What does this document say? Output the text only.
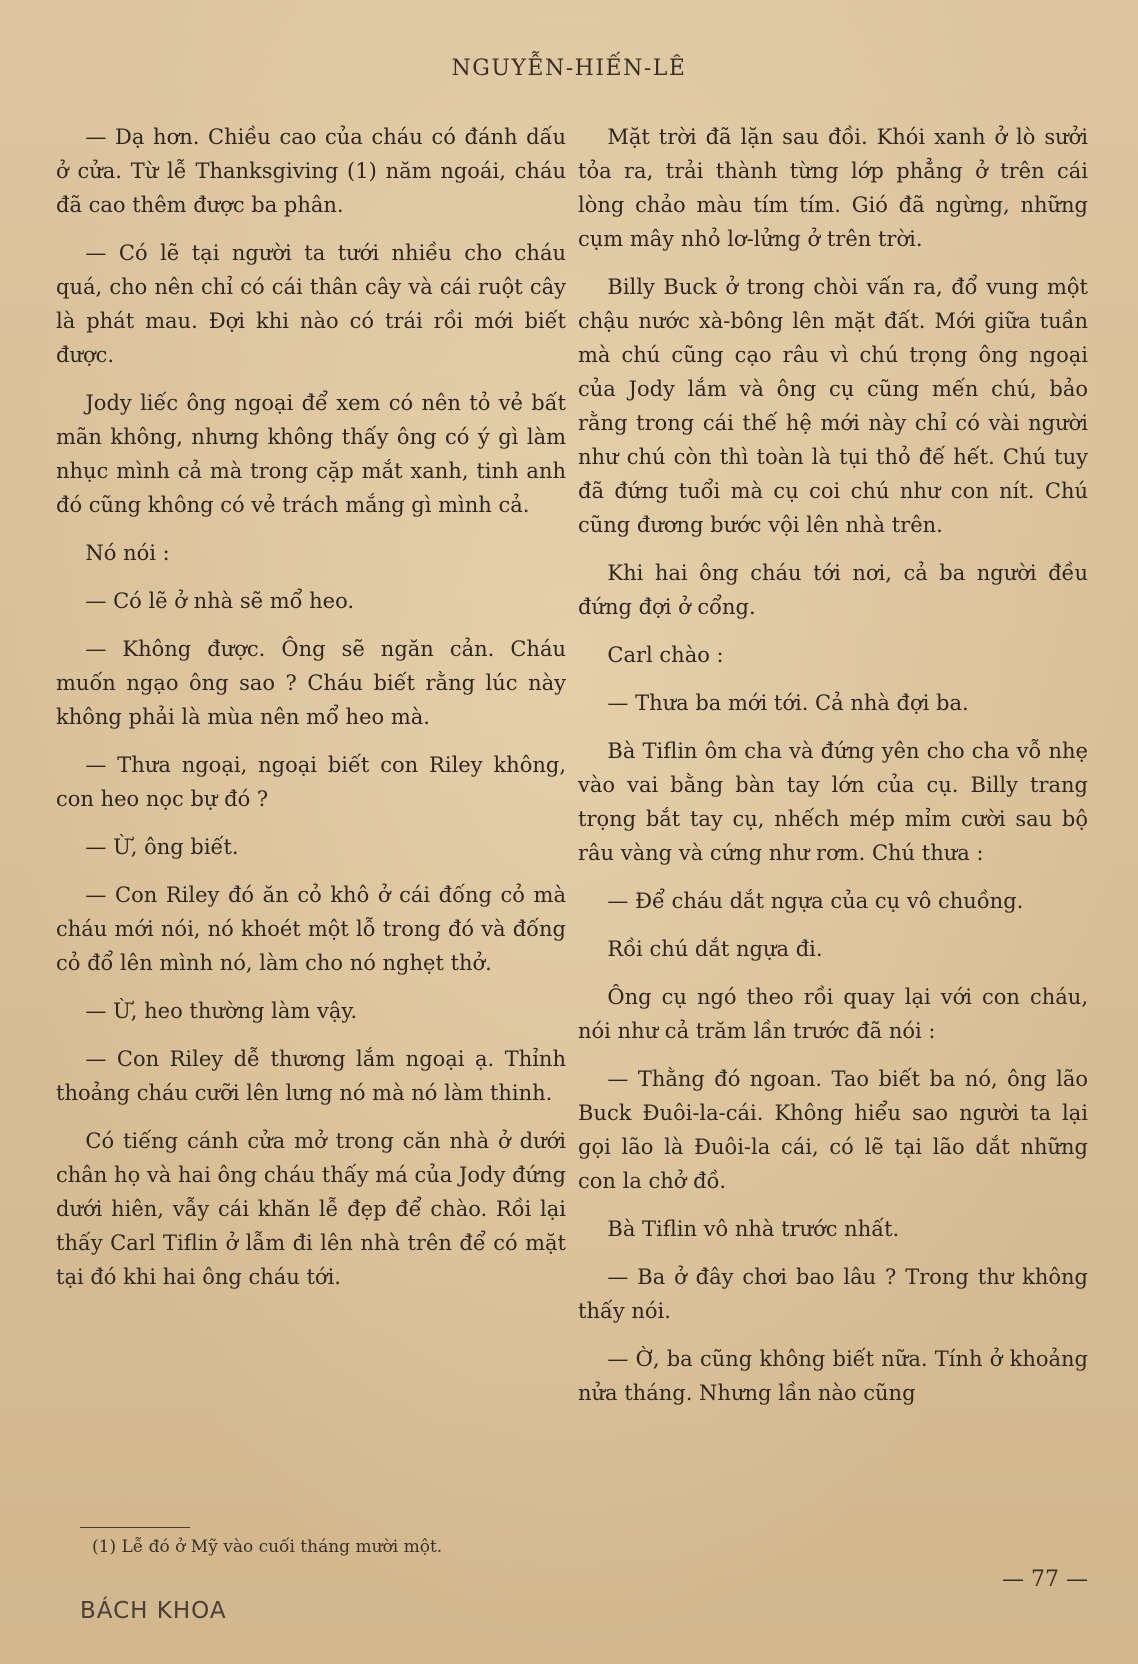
NGUYỄN-HIẾN-LÊ

— Dạ hơn. Chiều cao của cháu có đánh dấu ở cửa. Từ lễ Thanksgiving (1) năm ngoái, cháu đã cao thêm được ba phân.

— Có lẽ tại người ta tưới nhiều cho cháu quá, cho nên chỉ có cái thân cây và cái ruột cây là phát mau. Đợi khi nào có trái rồi mới biết được.

Jody liếc ông ngoại để xem có nên tỏ vẻ bất mãn không, nhưng không thấy ông có ý gì làm nhục mình cả mà trong cặp mắt xanh, tinh anh đó cũng không có vẻ trách mắng gì mình cả.

Nó nói :

— Có lẽ ở nhà sẽ mổ heo.

— Không được. Ông sẽ ngăn cản. Cháu muốn ngạo ông sao ? Cháu biết rằng lúc này không phải là mùa nên mổ heo mà.

— Thưa ngoại, ngoại biết con Riley không, con heo nọc bự đó ?

— Ừ, ông biết.

— Con Riley đó ăn cỏ khô ở cái đống cỏ mà cháu mới nói, nó khoét một lỗ trong đó và đống cỏ đổ lên mình nó, làm cho nó nghẹt thở.

— Ừ, heo thường làm vậy.

— Con Riley dễ thương lắm ngoại ạ. Thỉnh thoảng cháu cưỡi lên lưng nó mà nó làm thinh.

Có tiếng cánh cửa mở trong căn nhà ở dưới chân họ và hai ông cháu thấy má của Jody đứng dưới hiên, vẫy cái khăn lễ đẹp để chào. Rồi lại thấy Carl Tiflin ở lẫm đi lên nhà trên để có mặt tại đó khi hai ông cháu tới.

Mặt trời đã lặn sau đồi. Khói xanh ở lò sưởi tỏa ra, trải thành từng lớp phẳng ở trên cái lòng chảo màu tím tím. Gió đã ngừng, những cụm mây nhỏ lơ-lửng ở trên trời.

Billy Buck ở trong chòi vấn ra, đổ vung một chậu nước xà-bông lên mặt đất. Mới giữa tuần mà chú cũng cạo râu vì chú trọng ông ngoại của Jody lắm và ông cụ cũng mến chú, bảo rằng trong cái thế hệ mới này chỉ có vài người như chú còn thì toàn là tụi thỏ đế hết. Chú tuy đã đứng tuổi mà cụ coi chú như con nít. Chú cũng đương bước vội lên nhà trên.

Khi hai ông cháu tới nơi, cả ba người đều đứng đợi ở cổng.

Carl chào :

— Thưa ba mới tới. Cả nhà đợi ba.

Bà Tiflin ôm cha và đứng yên cho cha vỗ nhẹ vào vai bằng bàn tay lớn của cụ. Billy trang trọng bắt tay cụ, nhếch mép mỉm cười sau bộ râu vàng và cứng như rơm. Chú thưa :

— Để cháu dắt ngựa của cụ vô chuồng.

Rồi chú dắt ngựa đi.

Ông cụ ngó theo rồi quay lại với con cháu, nói như cả trăm lần trước đã nói :

— Thằng đó ngoan. Tao biết ba nó, ông lão Buck Đuôi-la-cái. Không hiểu sao người ta lại gọi lão là Đuôi-la cái, có lẽ tại lão dắt những con la chở đồ.

Bà Tiflin vô nhà trước nhất.

— Ba ở đây chơi bao lâu ? Trong thư không thấy nói.

— Ờ, ba cũng không biết nữa. Tính ở khoảng nửa tháng. Nhưng lần nào cũng

(1) Lễ đó ở Mỹ vào cuối tháng mười một.
BÁCH KHOA
— 77 —
